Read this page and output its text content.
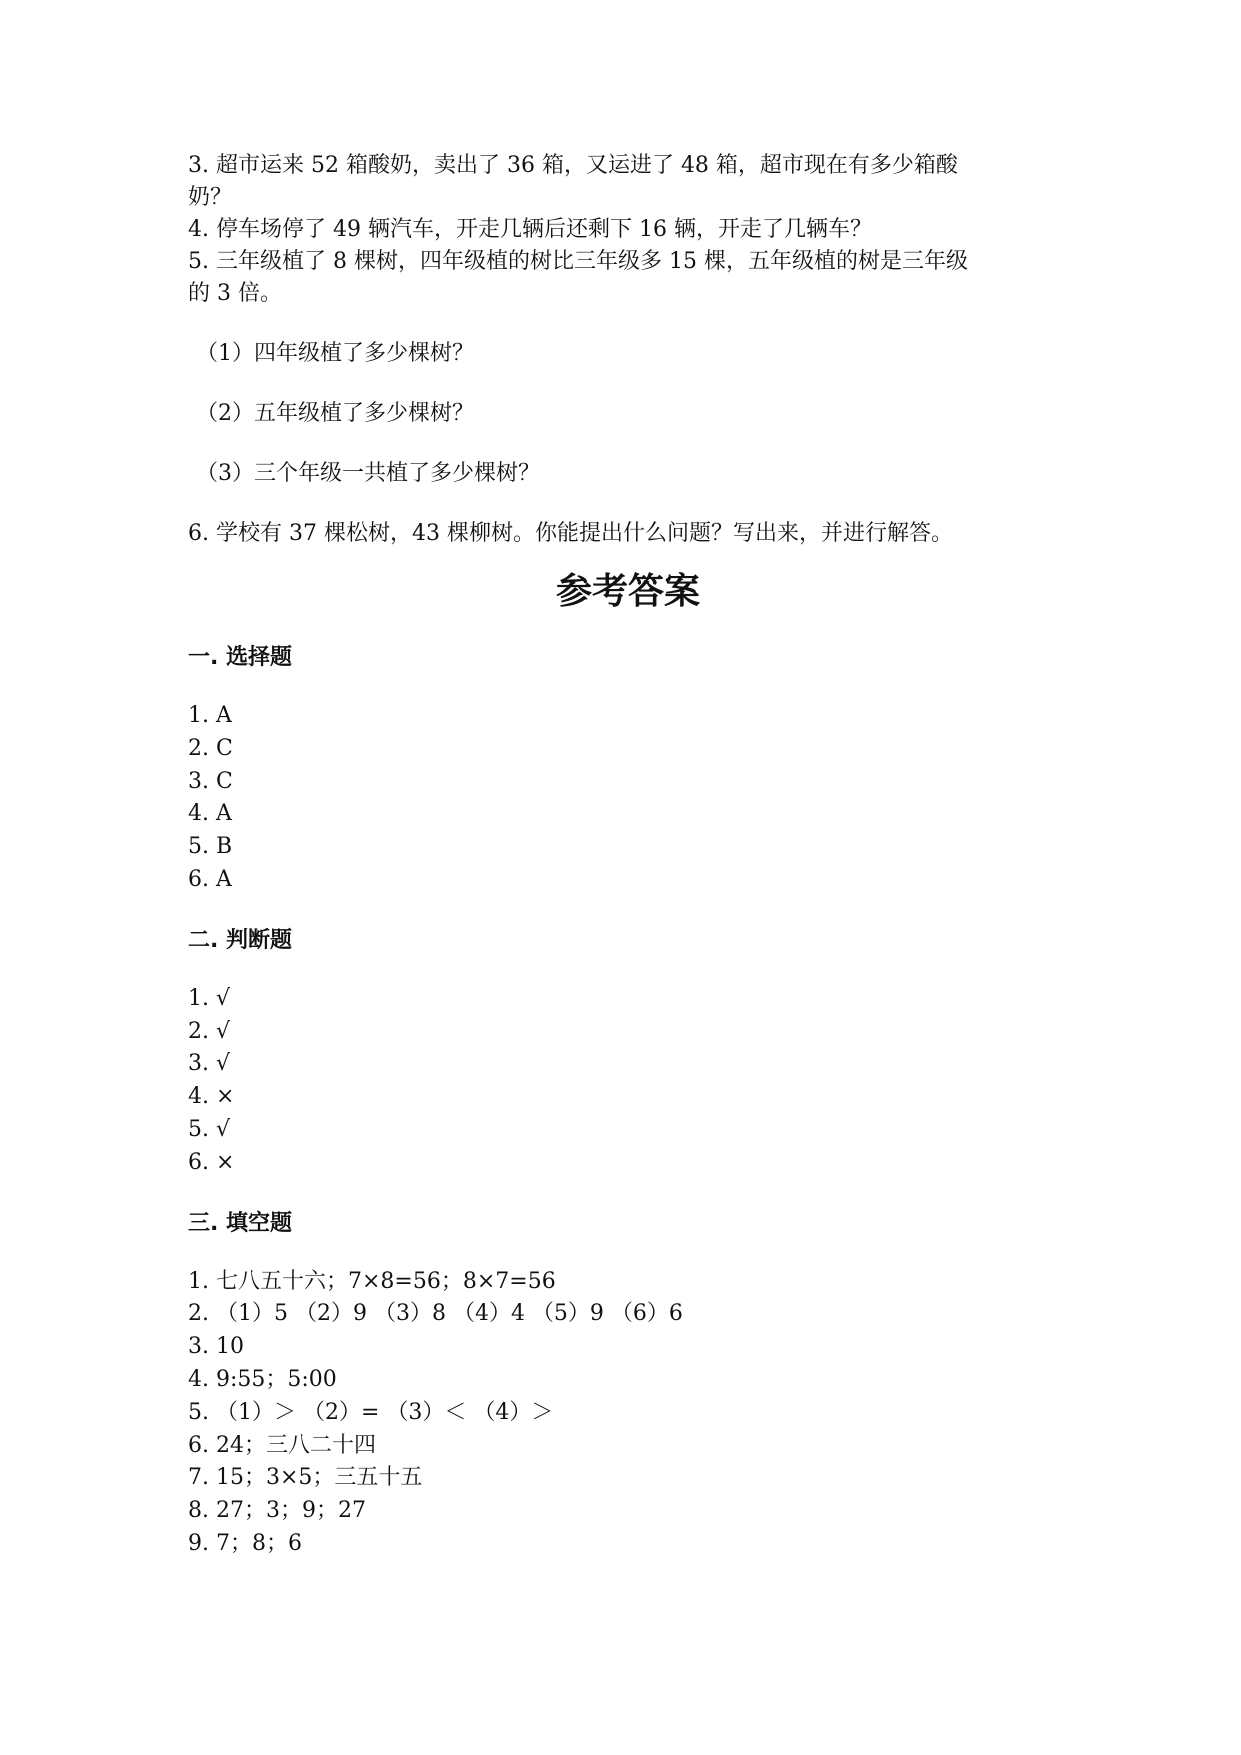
3. 超市运来 52 箱酸奶，卖出了 36 箱，又运进了 48 箱，超市现在有多少箱酸
奶？
4. 停车场停了 49 辆汽车，开走几辆后还剩下 16 辆，开走了几辆车？
5. 三年级植了 8 棵树，四年级植的树比三年级多 15 棵，五年级植的树是三年级
的 3 倍。
（1）四年级植了多少棵树？
（2）五年级植了多少棵树？
（3）三个年级一共植了多少棵树？
6. 学校有 37 棵松树，43 棵柳树。你能提出什么问题？写出来，并进行解答。
参考答案
一. 选择题
1. A
2. C
3. C
4. A
5. B
6. A
二. 判断题
1. √
2. √
3. √
4. ×
5. √
6. ×
三. 填空题
1. 七八五十六；7×8=56；8×7=56
2. （1）5 （2）9 （3）8 （4）4 （5）9 （6）6
3. 10
4. 9:55；5:00
5. （1）＞ （2）= （3）＜ （4）＞
6. 24；三八二十四
7. 15；3×5；三五十五
8. 27；3；9；27
9. 7；8；6
